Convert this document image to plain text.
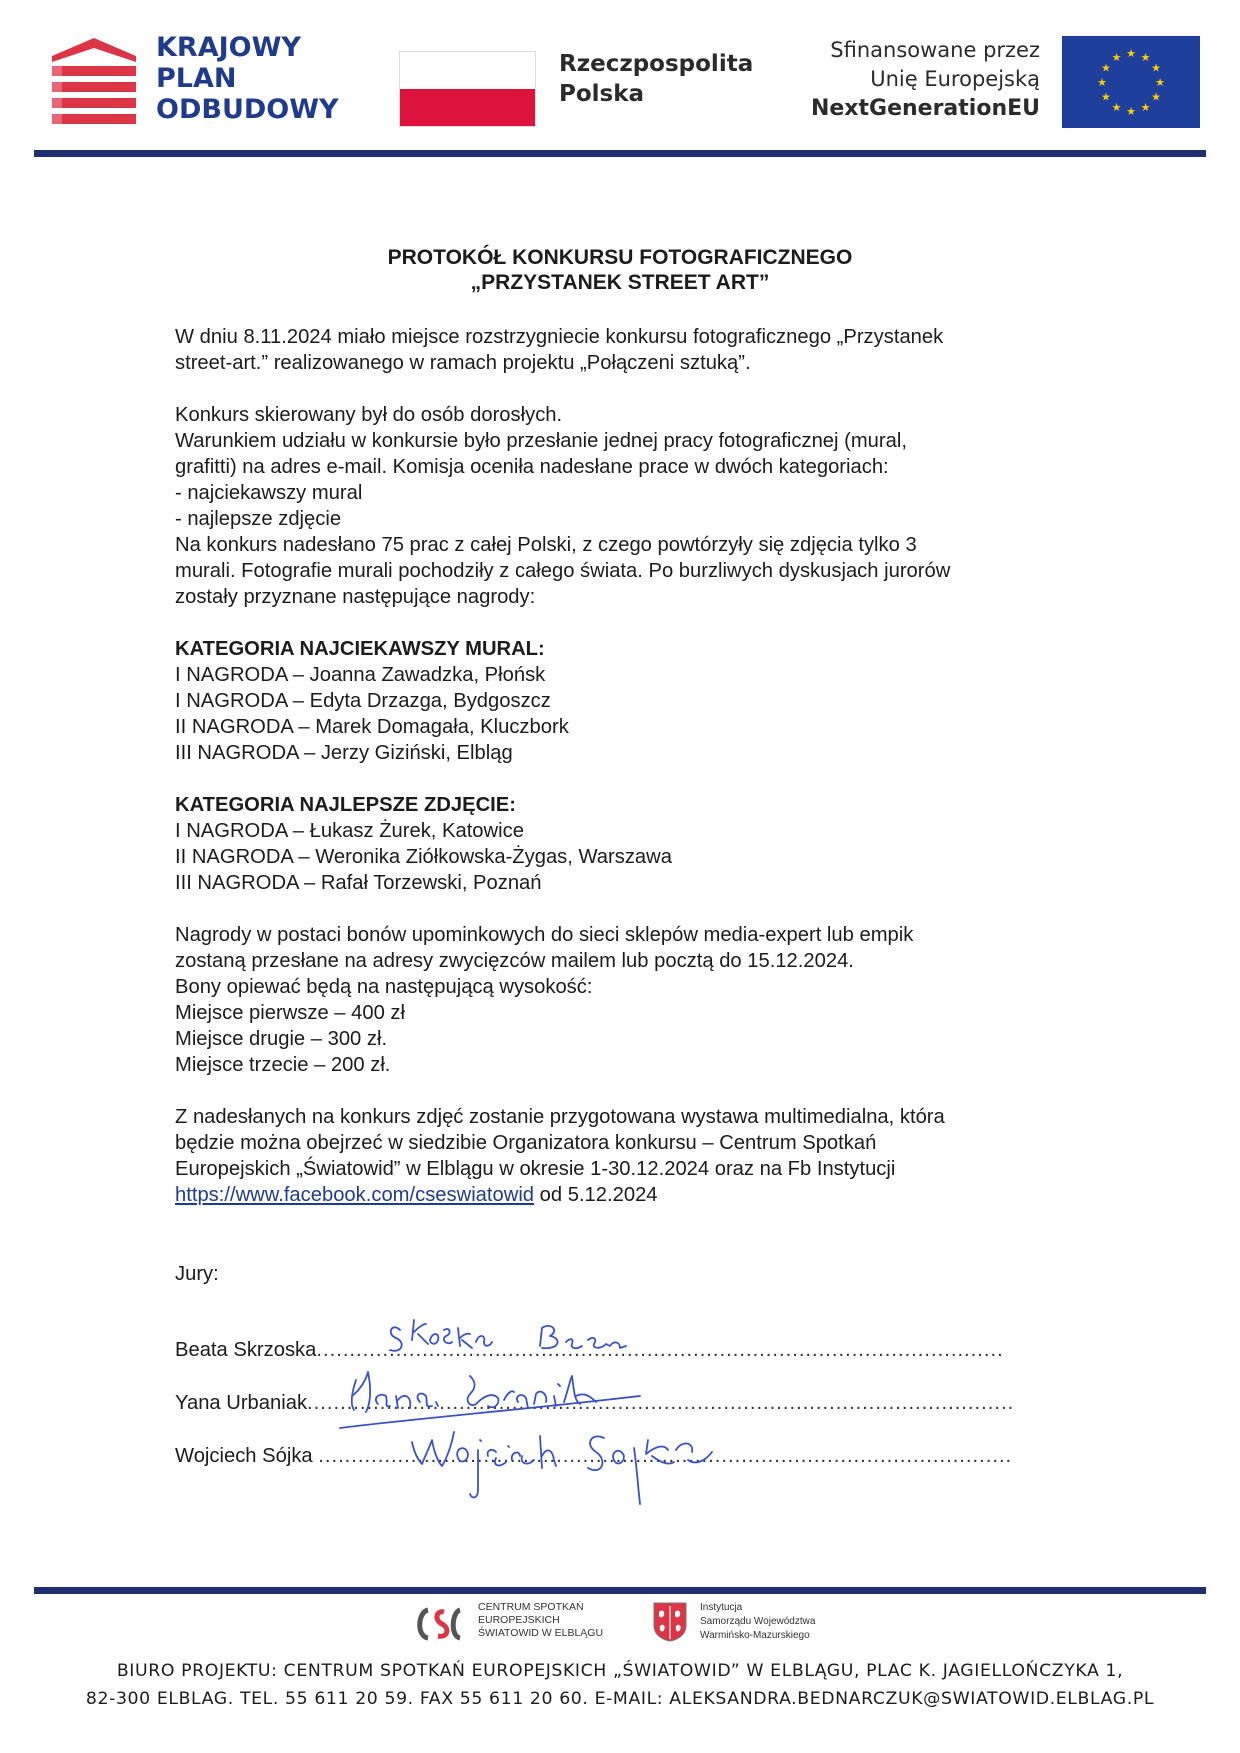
KRAJOWY
PLAN
ODBUDOWY
Rzeczpospolita
Polska
Sfinansowane przez
Unię Europejską
NextGenerationEU
★ ★
★
★
★
★
★
★
★
★
★
★
PROTOKÓŁ KONKURSU FOTOGRAFICZNEGO
„PRZYSTANEK STREET ART”

W dniu 8.11.2024 miało miejsce rozstrzygniecie konkursu fotograficznego „Przystanek

street-art.” realizowanego w ramach projektu „Połączeni sztuką”.

Konkurs skierowany był do osób dorosłych.

Warunkiem udziału w konkursie było przesłanie jednej pracy fotograficznej (mural,

grafitti) na adres e-mail. Komisja oceniła nadesłane prace w dwóch kategoriach:

- najciekawszy mural

- najlepsze zdjęcie

Na konkurs nadesłano 75 prac z całej Polski, z czego powtórzyły się zdjęcia tylko 3

murali. Fotografie murali pochodziły z całego świata. Po burzliwych dyskusjach jurorów

zostały przyznane następujące nagrody:

KATEGORIA NAJCIEKAWSZY MURAL:

I NAGRODA – Joanna Zawadzka, Płońsk

I NAGRODA – Edyta Drzazga, Bydgoszcz

II NAGRODA – Marek Domagała, Kluczbork

III NAGRODA – Jerzy Giziński, Elbląg

KATEGORIA NAJLEPSZE ZDJĘCIE:

I NAGRODA – Łukasz Żurek, Katowice

II NAGRODA – Weronika Ziółkowska-Żygas, Warszawa

III NAGRODA – Rafał Torzewski, Poznań

Nagrody w postaci bonów upominkowych do sieci sklepów media-expert lub empik

zostaną przesłane na adresy zwycięzców mailem lub pocztą do 15.12.2024.

Bony opiewać będą na następującą wysokość:

Miejsce pierwsze – 400 zł

Miejsce drugie – 300 zł.

Miejsce trzecie – 200 zł.

Z nadesłanych na konkurs zdjęć zostanie przygotowana wystawa multimedialna, która

będzie można obejrzeć w siedzibie Organizatora konkursu – Centrum Spotkań

Europejskich „Światowid” w Elblągu w okresie 1-30.12.2024 oraz na Fb Instytucji

https://www.facebook.com/cseswiatowid od 5.12.2024

Jury:
Beata Skrzoska........................................................................................................
Yana Urbaniak...........................................................................................................
Wojciech Sójka .........................................................................................................
CENTRUM SPOTKAŃ
EUROPEJSKICH
ŚWIATOWID W ELBLĄGU
Instytucja
Samorządu Województwa
Warmińsko-Mazurskiego
BIURO PROJEKTU: CENTRUM SPOTKAŃ EUROPEJSKICH „ŚWIATOWID” W ELBLĄGU, PLAC K. JAGIELLOŃCZYKA 1,
82-300 ELBLAG. TEL. 55 611 20 59. FAX 55 611 20 60. E-MAIL: ALEKSANDRA.BEDNARCZUK@SWIATOWID.ELBLAG.PL
